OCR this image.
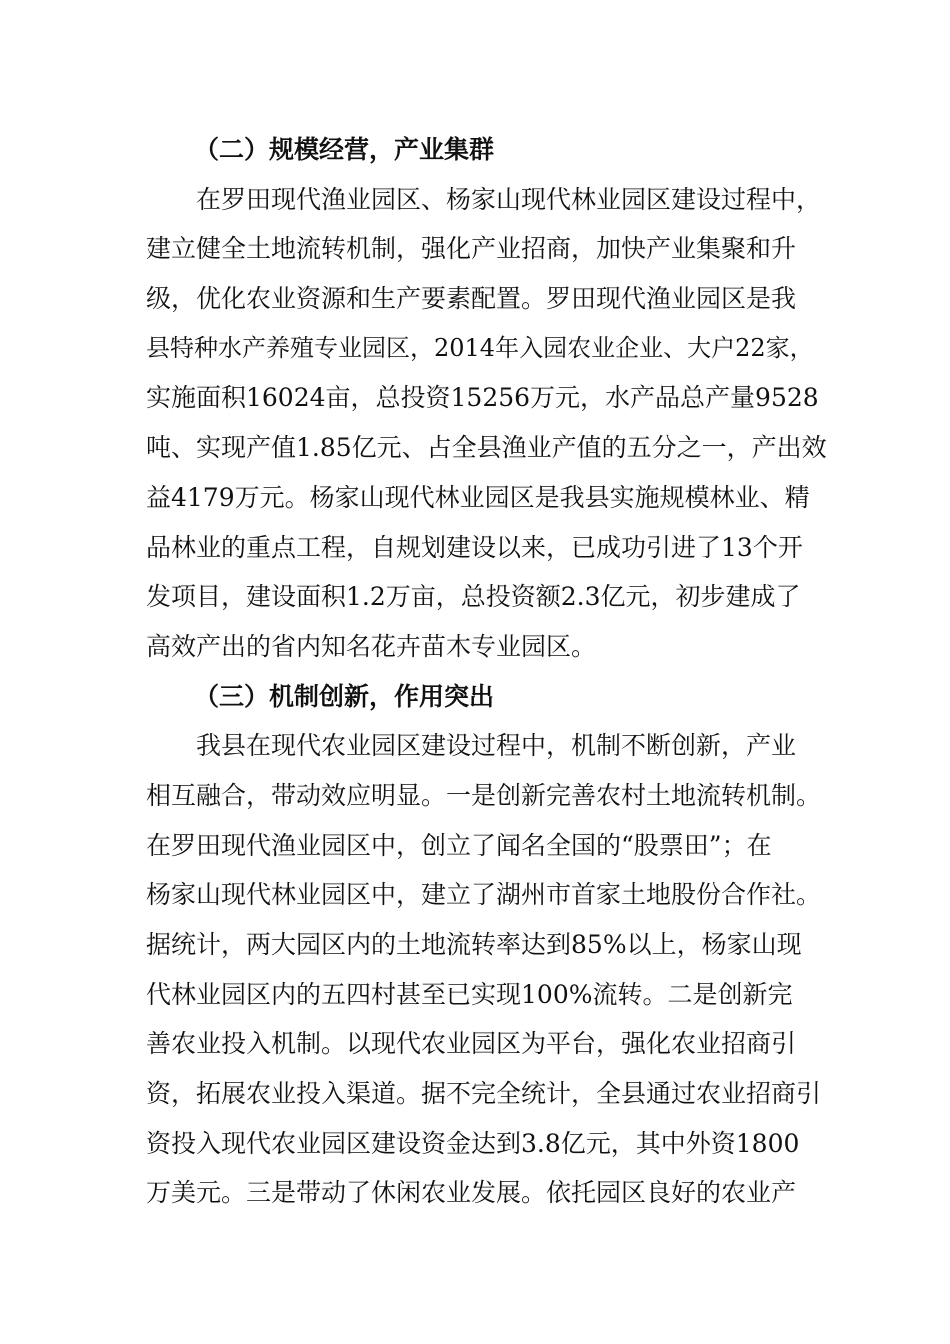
（二）规模经营，产业集群
在罗田现代渔业园区、杨家山现代林业园区建设过程中，
建立健全土地流转机制，强化产业招商，加快产业集聚和升
级，优化农业资源和生产要素配置。罗田现代渔业园区是我
县特种水产养殖专业园区，2014年入园农业企业、大户22家，
实施面积16024亩，总投资15256万元，水产品总产量9528
吨、实现产值1.85亿元、占全县渔业产值的五分之一，产出效
益4179万元。杨家山现代林业园区是我县实施规模林业、精
品林业的重点工程，自规划建设以来，已成功引进了13个开
发项目，建设面积1.2万亩，总投资额2.3亿元，初步建成了
高效产出的省内知名花卉苗木专业园区。
（三）机制创新，作用突出
我县在现代农业园区建设过程中，机制不断创新，产业
相互融合，带动效应明显。一是创新完善农村土地流转机制。
在罗田现代渔业园区中，创立了闻名全国的“股票田”；在
杨家山现代林业园区中，建立了湖州市首家土地股份合作社。
据统计，两大园区内的土地流转率达到85%以上，杨家山现
代林业园区内的五四村甚至已实现100%流转。二是创新完
善农业投入机制。以现代农业园区为平台，强化农业招商引
资，拓展农业投入渠道。据不完全统计，全县通过农业招商引
资投入现代农业园区建设资金达到3.8亿元，其中外资1800
万美元。三是带动了休闲农业发展。依托园区良好的农业产
